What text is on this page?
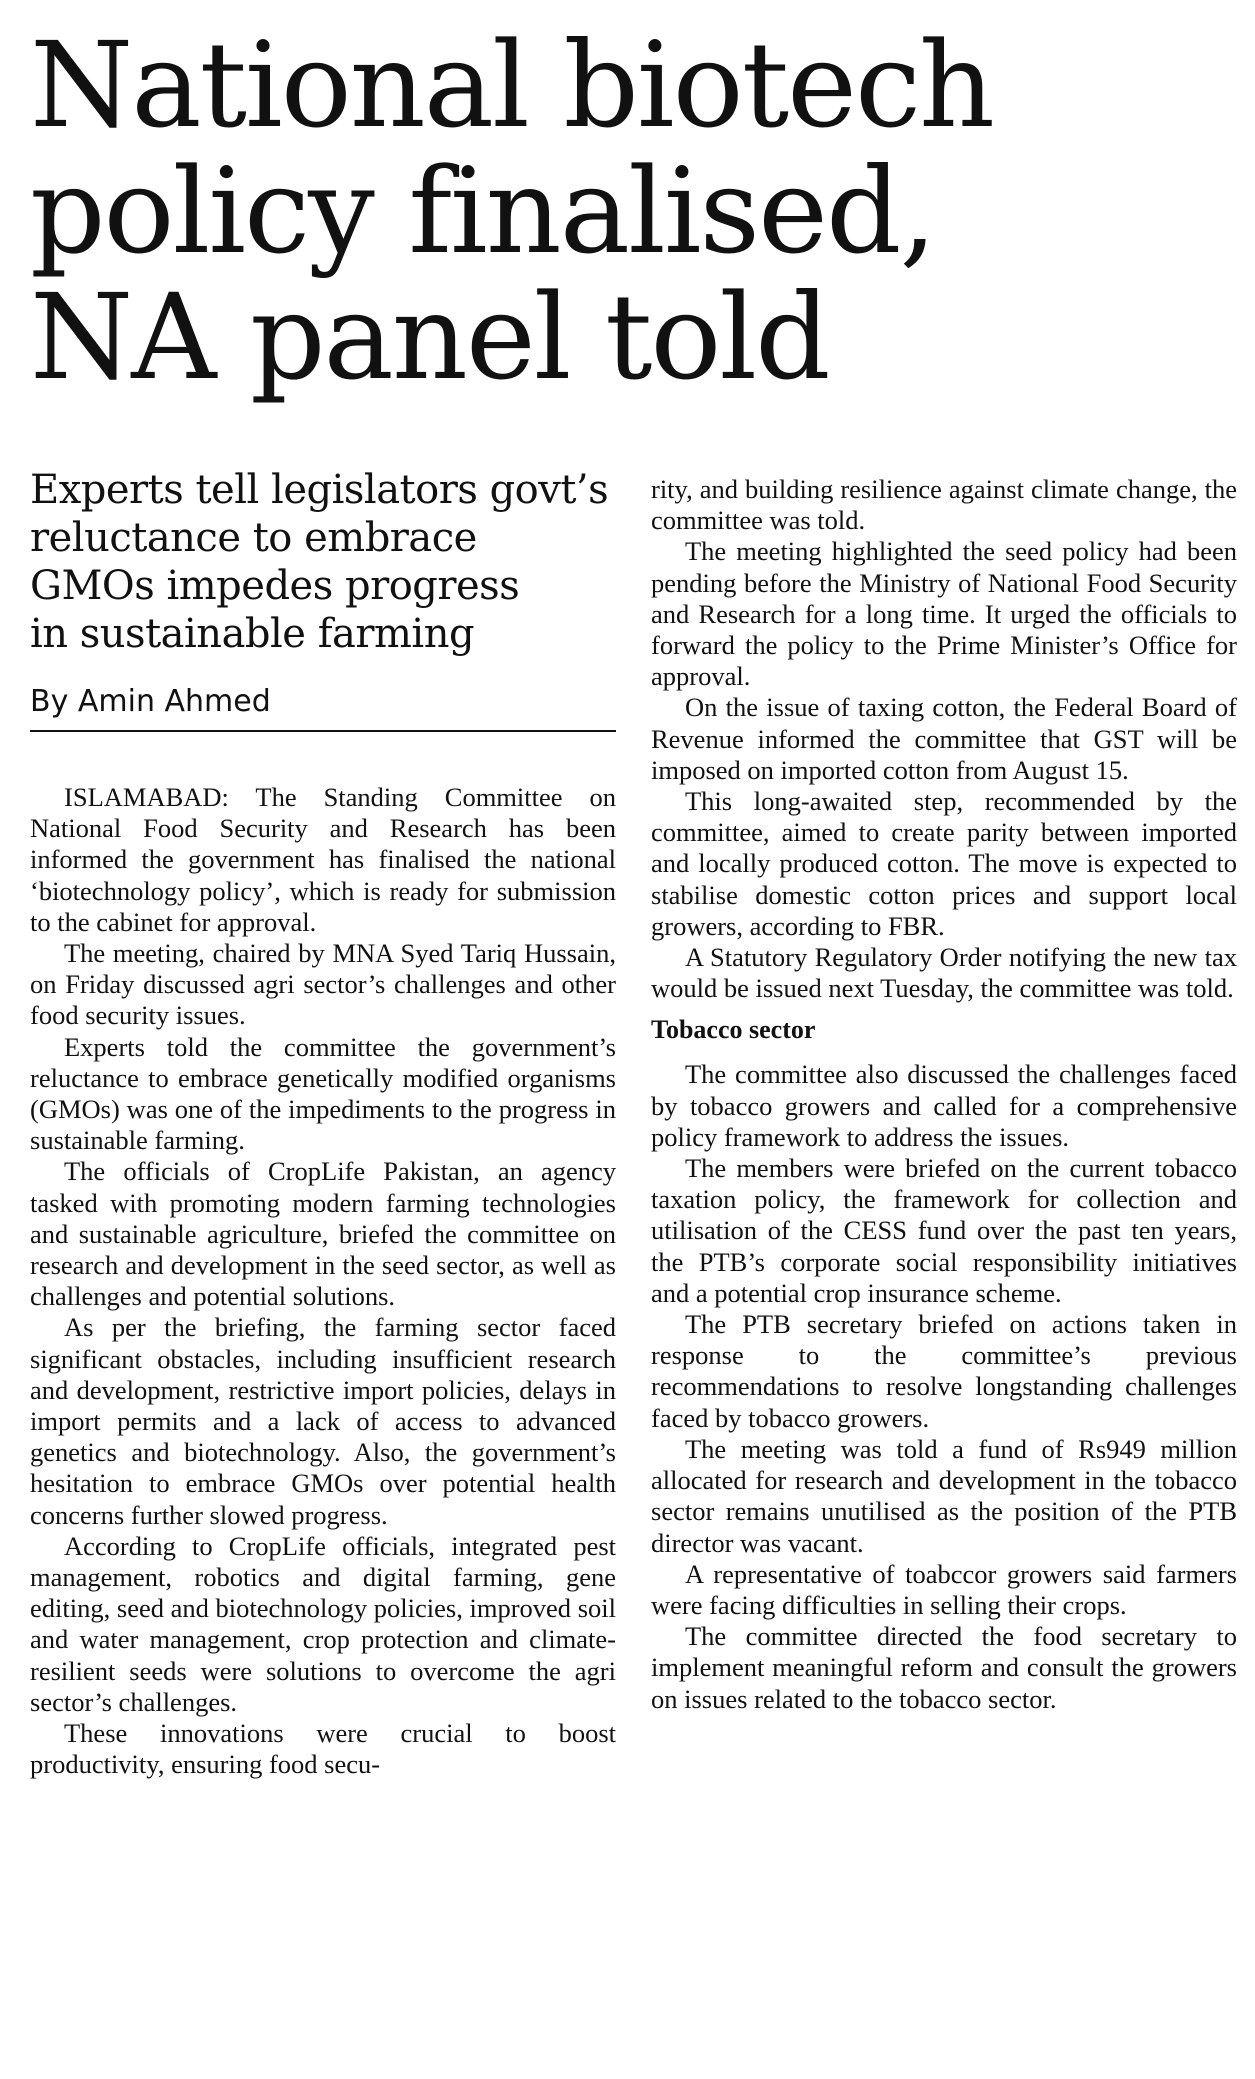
National biotech
policy finalised,
NA panel told
Experts tell legislators govt’s
reluctance to embrace
GMOs impedes progress
in sustainable farming
By Amin Ahmed

ISLAMABAD: The Standing Committee on National Food Security and Research has been informed the government has finalised the national ‘biotechnology policy’, which is ready for submission to the cabinet for approval.

The meeting, chaired by MNA Syed Tariq Hussain, on Friday discussed agri sector’s challenges and other food security issues.

Experts told the committee the government’s reluctance to embrace genetically modified organisms (GMOs) was one of the impediments to the progress in sustainable farming.

The officials of CropLife Pakistan, an agency tasked with promoting modern farming technologies and sustainable agriculture, briefed the committee on research and development in the seed sector, as well as challenges and potential solutions.

As per the briefing, the farming sector faced significant obstacles, including insufficient research and development, restrictive import policies, delays in import permits and a lack of access to advanced genetics and biotechnology. Also, the government’s hesitation to embrace GMOs over potential health concerns further slowed progress.

According to CropLife officials, integrated pest management, robotics and digital farming, gene editing, seed and biotechnology policies, improved soil and water management, crop protection and climate-resilient seeds were solutions to overcome the agri sector’s challenges.

These innovations were crucial to boost productivity, ensuring food secu-

rity, and building resilience against climate change, the committee was told.

The meeting highlighted the seed policy had been pending before the Ministry of National Food Security and Research for a long time. It urged the officials to forward the policy to the Prime Minister’s Office for approval.

On the issue of taxing cotton, the Federal Board of Revenue informed the committee that GST will be imposed on imported cotton from August 15.

This long-awaited step, recommended by the committee, aimed to create parity between imported and locally produced cotton. The move is expected to stabilise domestic cotton prices and support local growers, according to FBR.

A Statutory Regulatory Order notifying the new tax would be issued next Tuesday, the committee was told.

Tobacco sector

The committee also discussed the challenges faced by tobacco growers and called for a comprehensive policy framework to address the issues.

The members were briefed on the current tobacco taxation policy, the framework for collection and utilisation of the CESS fund over the past ten years, the PTB’s corporate social responsibility initiatives and a potential crop insurance scheme.

The PTB secretary briefed on actions taken in response to the committee’s previous recommendations to resolve longstanding challenges faced by tobacco growers.

The meeting was told a fund of Rs949 million allocated for research and development in the tobacco sector remains unutilised as the position of the PTB director was vacant.

A representative of toabccor growers said farmers were facing difficulties in selling their crops.

The committee directed the food secretary to implement meaningful reform and consult the growers on issues related to the tobacco sector.
